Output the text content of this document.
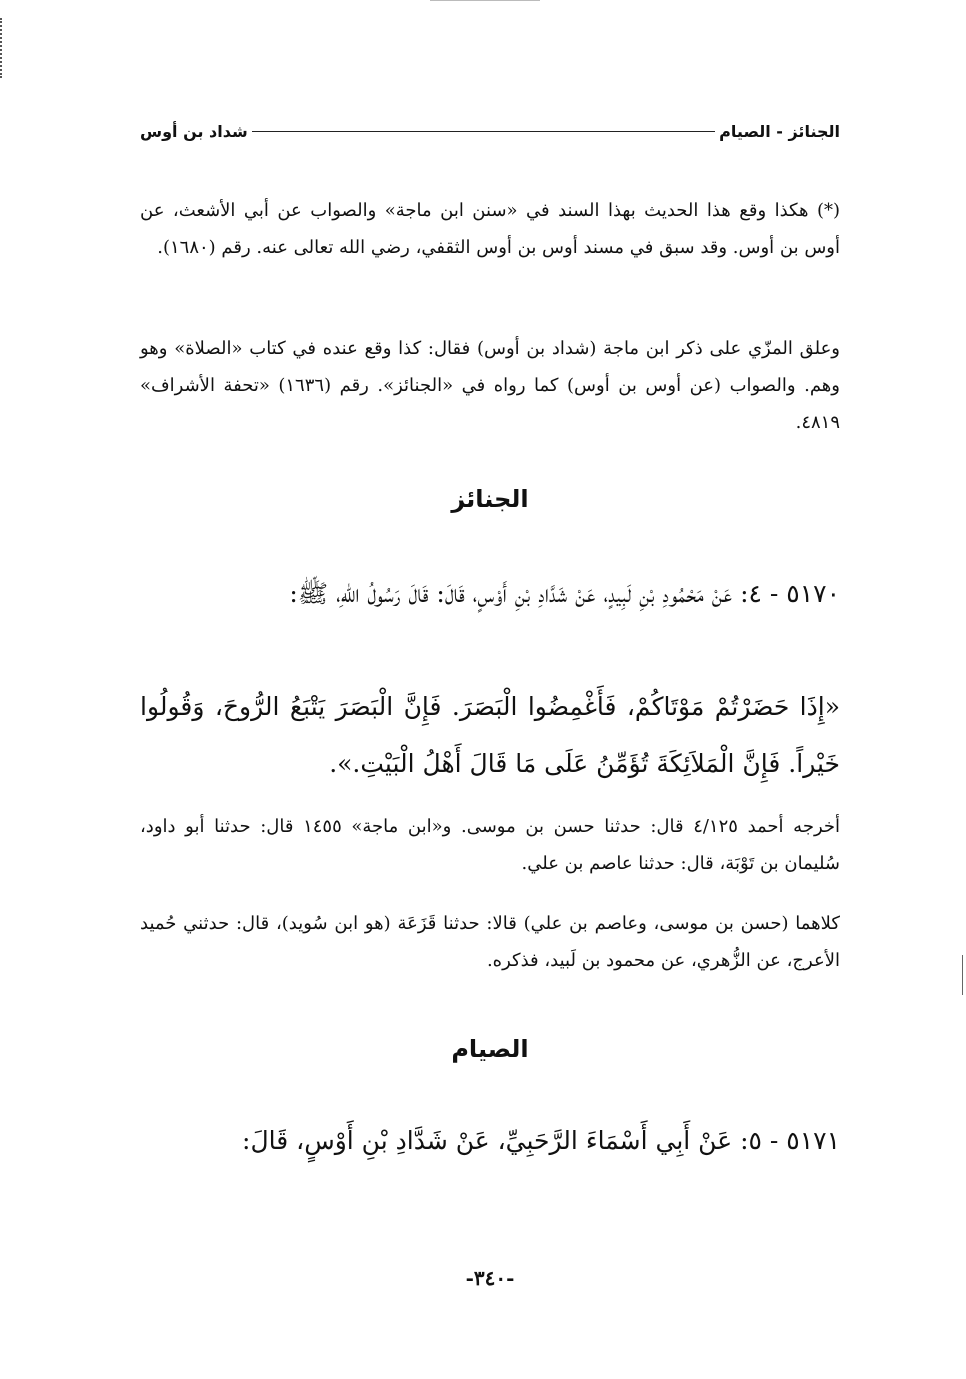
الجنائز - الصيام
شداد بن أوس
(*) هكذا وقع هذا الحديث بهذا السند في «سنن ابن ماجة» والصواب عن أبي الأشعث، عن أوس بن أوس. وقد سبق في مسند أوس بن أوس الثقفي، رضي الله تعالى عنه. رقم (١٦٨٠).
وعلق المزّي على ذكر ابن ماجة (شداد بن أوس) فقال: كذا وقع عنده في كتاب «الصلاة» وهو وهم. والصواب (عن أوس بن أوس) كما رواه في «الجنائز». رقم (١٦٣٦) «تحفة الأشراف» ٤٨١٩.
الجنائز
٥١٧٠ - ٤: عَنْ مَحْمُودِ بْنِ لَبِيدٍ، عَنْ شَدَّادِ بْنِ أَوْسٍ، قَالَ: قَالَ رَسُولُ اللّهِ، ﷺ:
«إِذَا حَضَرْتُمْ مَوْتَاكُمْ، فَأَغْمِضُوا الْبَصَرَ. فَإِنَّ الْبَصَرَ يَتْبَعُ الرُّوحَ، وَقُولُوا خَيْراً. فَإِنَّ الْمَلاَئِكَةَ تُؤَمِّنُ عَلَى مَا قَالَ أَهْلُ الْبَيْتِ.».
أخرجه أحمد ٤/١٢٥ قال: حدثنا حسن بن موسى. و«ابن ماجة» ١٤٥٥ قال: حدثنا أبو داود، سُليمان بن تَوْبَة، قال: حدثنا عاصم بن علي.
كلاهما (حسن بن موسى، وعاصم بن علي) قالا: حدثنا قَزَعَة (هو ابن سُويد)، قال: حدثني حُميد الأعرج، عن الزُّهري، عن محمود بن لَبيد، فذكره.
الصيام
٥١٧١ - ٥: عَنْ أَبِي أَسْمَاءَ الرَّحَبِيِّ، عَنْ شَدَّادِ بْنِ أَوْسٍ، قَالَ:
-٣٤٠-
